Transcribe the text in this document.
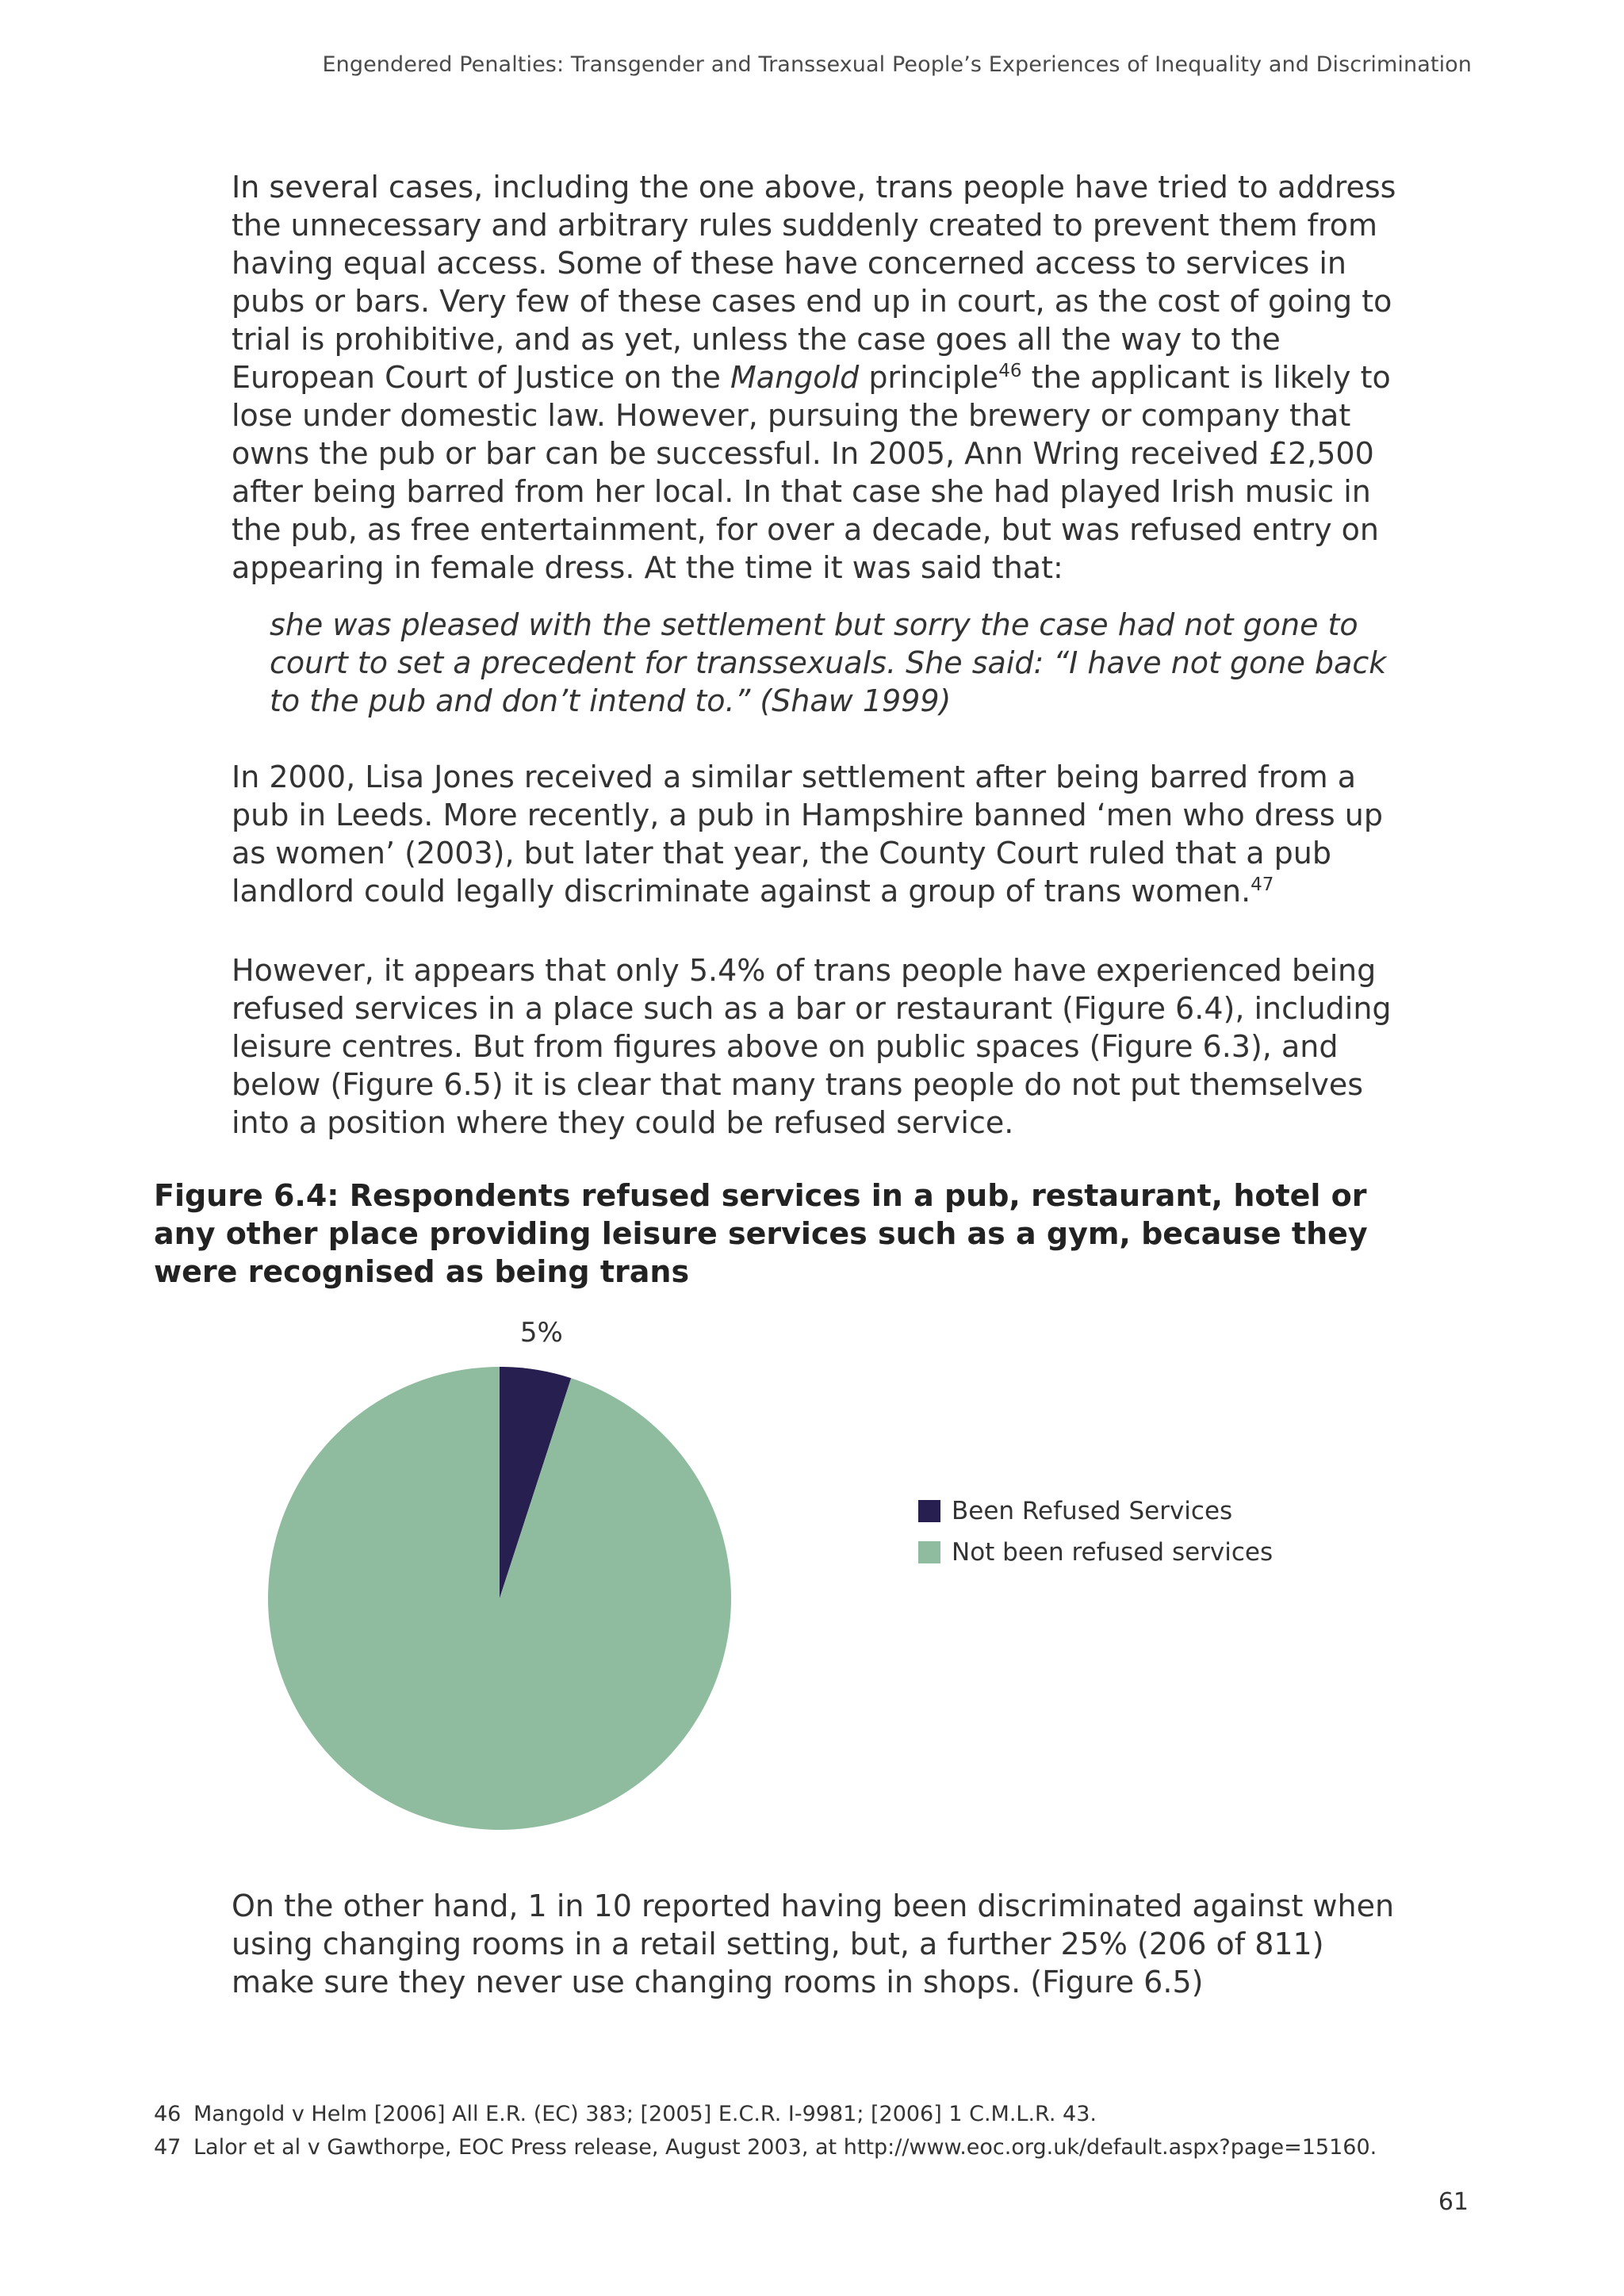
Engendered Penalties: Transgender and Transsexual People’s Experiences of Inequality and Discrimination

In several cases, including the one above, trans people have tried to address the unnecessary and arbitrary rules suddenly created to prevent them from having equal access. Some of these have concerned access to services in pubs or bars. Very few of these cases end up in court, as the cost of going to trial is prohibitive, and as yet, unless the case goes all the way to the European Court of Justice on the Mangold principle$^{46}$ the applicant is likely to lose under domestic law. However, pursuing the brewery or company that owns the pub or bar can be successful. In 2005, Ann Wring received £2,500 after being barred from her local. In that case she had played Irish music in the pub, as free entertainment, for over a decade, but was refused entry on appearing in female dress. At the time it was said that:

she was pleased with the settlement but sorry the case had not gone to court to set a precedent for transsexuals. She said: “I have not gone back to the pub and don’t intend to.” (Shaw 1999)

In 2000, Lisa Jones received a similar settlement after being barred from a pub in Leeds. More recently, a pub in Hampshire banned ‘men who dress up as women’ (2003), but later that year, the County Court ruled that a pub landlord could legally discriminate against a group of trans women.$^{47}$

However, it appears that only 5.4% of trans people have experienced being refused services in a place such as a bar or restaurant (Figure 6.4), including leisure centres. But from figures above on public spaces (Figure 6.3), and below (Figure 6.5) it is clear that many trans people do not put themselves into a position where they could be refused service.

Figure 6.4: Respondents refused services in a pub, restaurant, hotel or any other place providing leisure services such as a gym, because they were recognised as being trans
5%
Been Refused Services
Not been refused services

On the other hand, 1 in 10 reported having been discriminated against when using changing rooms in a retail setting, but, a further 25% (206 of 811) make sure they never use changing rooms in shops. (Figure 6.5)

46 Mangold v Helm [2006] All E.R. (EC) 383; [2005] E.C.R. I-9981; [2006] 1 C.M.L.R. 43.
47 Lalor et al v Gawthorpe, EOC Press release, August 2003, at http://www.eoc.org.uk/default.aspx?page=15160.
61
